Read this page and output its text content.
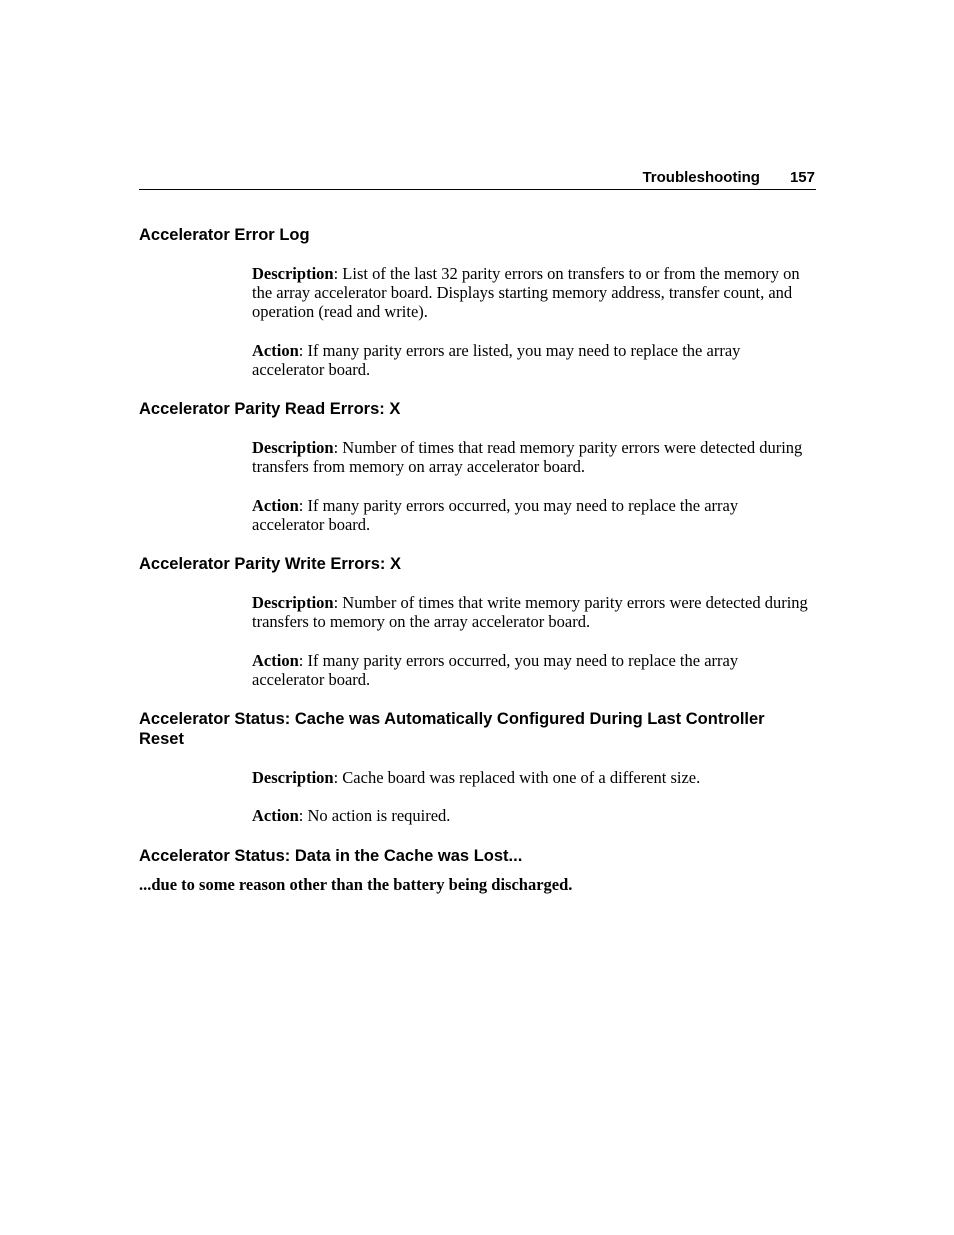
Troubleshooting 157
Accelerator Error Log

Description: List of the last 32 parity errors on transfers to or from the memory on the array accelerator board. Displays starting memory address, transfer count, and operation (read and write).

Action: If many parity errors are listed, you may need to replace the array accelerator board.

Accelerator Parity Read Errors: X

Description: Number of times that read memory parity errors were detected during transfers from memory on array accelerator board.

Action: If many parity errors occurred, you may need to replace the array accelerator board.

Accelerator Parity Write Errors: X

Description: Number of times that write memory parity errors were detected during transfers to memory on the array accelerator board.

Action: If many parity errors occurred, you may need to replace the array accelerator board.

Accelerator Status: Cache was Automatically Configured During Last Controller Reset

Description: Cache board was replaced with one of a different size.

Action: No action is required.

Accelerator Status: Data in the Cache was Lost...

...due to some reason other than the battery being discharged.
